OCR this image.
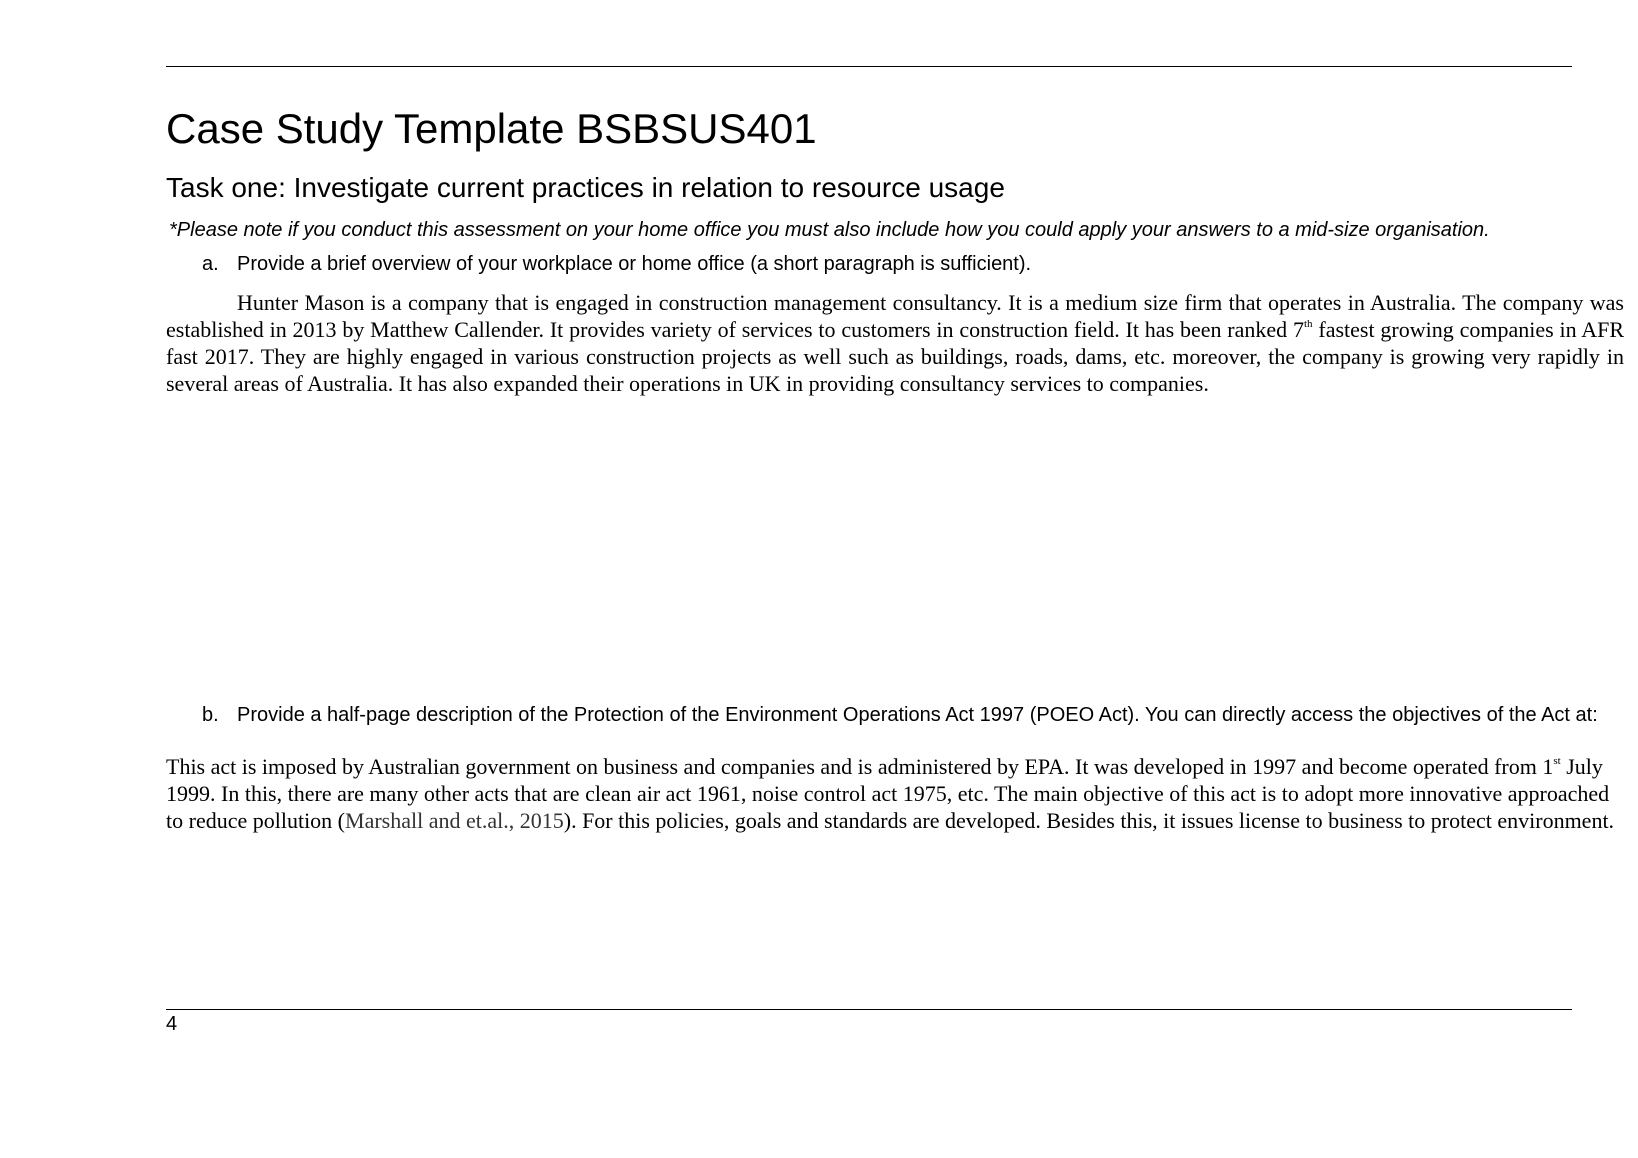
Case Study Template BSBSUS401
Task one: Investigate current practices in relation to resource usage
*Please note if you conduct this assessment on your home office you must also include how you could apply your answers to a mid-size organisation.
a. Provide a brief overview of your workplace or home office (a short paragraph is sufficient).
Hunter Mason is a company that is engaged in construction management consultancy. It is a medium size firm that operates in Australia. The company was established in 2013 by Matthew Callender. It provides variety of services to customers in construction field. It has been ranked 7th fastest growing companies in AFR fast 2017. They are highly engaged in various construction projects as well such as buildings, roads, dams, etc. moreover, the company is growing very rapidly in several areas of Australia. It has also expanded their operations in UK in providing consultancy services to companies.
b. Provide a half-page description of the Protection of the Environment Operations Act 1997 (POEO Act). You can directly access the objectives of the Act at:
This act is imposed by Australian government on business and companies and is administered by EPA. It was developed in 1997 and become operated from 1st July 1999. In this, there are many other acts that are clean air act 1961, noise control act 1975, etc. The main objective of this act is to adopt more innovative approached to reduce pollution (Marshall and et.al., 2015). For this policies, goals and standards are developed. Besides this, it issues license to business to protect environment.
4
